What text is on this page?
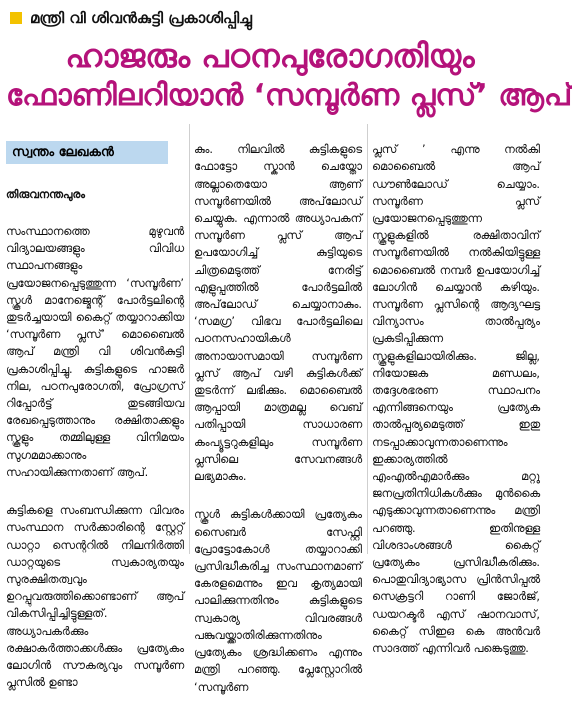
മന്ത്രി വി ശിവൻകുട്ടി പ്രകാശിപ്പിച്ചു
ഹാജരും പഠനപുരോഗതിയും
ഫോണിലറിയാൻ ‘സമ്പൂർണ പ്ലസ്’ ആപ്

സ്വന്തം ലേഖകൻ

തിരുവനന്തപുരം

സംസ്ഥാനത്തെ മുഴുവൻ വിദ്യാലയങ്ങളും വിവിധ സ്ഥാപനങ്ങളും പ്രയോജനപ്പെടുത്തുന്ന ‘സമ്പൂർണ’ സ്കൂൾ മാനേജ്മെന്റ് പോർട്ടലിന്റെ തുടർച്ചയായി കൈറ്റ് തയ്യാറാക്കിയ ‘സമ്പൂർണ പ്ലസ്’ മൊബൈൽ ആപ് മന്ത്രി വി ശിവൻകുട്ടി പ്രകാശിപ്പിച്ചു. കുട്ടികളുടെ ഹാജർ നില, പഠനപുരോഗതി, പ്രോഗ്രസ് റിപ്പോർട്ട് തുടങ്ങിയവ രേഖപ്പെടുത്താനും രക്ഷിതാക്കളും സ്കൂളും തമ്മിലുള്ള വിനിമയം സുഗമമാക്കാനും സഹായിക്കുന്നതാണ് ആപ്.

കുട്ടികളെ സംബന്ധിക്കുന്ന വിവരം സംസ്ഥാന സർക്കാരിന്റെ സ്റ്റേറ്റ് ഡാറ്റാ സെന്ററിൽ നിലനിർത്തി ഡാറ്റയുടെ സ്വകാര്യതയും സുരക്ഷിതത്വവും ഉറപ്പുവരുത്തിക്കൊണ്ടാണ് ആപ് വികസിപ്പിച്ചിട്ടുള്ളത്. അധ്യാപകർക്കും രക്ഷാകർത്താക്കൾക്കും പ്രത്യേകം ലോഗിൻ സൗകര്യവും സമ്പൂർണ പ്ലസിൽ ഉണ്ടാ

കും. നിലവിൽ കുട്ടികളുടെ ഫോട്ടോ സ്കാൻ ചെയ്തോ അല്ലാതെയോ ആണ് സമ്പൂർണയിൽ അപ്‌ലോഡ് ചെയ്യുക. എന്നാൽ അധ്യാപകന് സമ്പൂർണ പ്ലസ് ആപ് ഉപയോഗിച്ച് കുട്ടിയുടെ ചിത്രമെടുത്ത് നേരിട്ട് എളുപ്പത്തിൽ പോർട്ടലിൽ അപ്‌ലോഡ് ചെയ്യാനാകും. ‘സമഗ്ര’ വിഭവ പോർട്ടലിലെ പഠനസഹായികൾ അനായാസമായി സമ്പൂർണ പ്ലസ് ആപ് വഴി കുട്ടികൾക്ക് തുടർന്ന് ലഭിക്കും. മൊബൈൽ ആപ്പായി മാത്രമല്ല വെബ് പതിപ്പായി സാധാരണ കംപ്യൂട്ടറുകളിലും സമ്പൂർണ പ്ലസിലെ സേവനങ്ങൾ ലഭ്യമാകും.

സ്കൂൾ കുട്ടികൾക്കായി പ്രത്യേകം സൈബർ സേഫ്റ്റി പ്രോട്ടോകോൾ തയ്യാറാക്കി പ്രസിദ്ധീകരിച്ച സംസ്ഥാനമാണ് കേരളമെന്നും ഇവ കൃത്യമായി പാലിക്കുന്നതിനും കുട്ടികളുടെ സ്വകാര്യ വിവരങ്ങൾ പങ്കുവയ്ക്കാതിരിക്കുന്നതിനും പ്രത്യേകം ശ്രദ്ധിക്കണം എന്നും മന്ത്രി പറഞ്ഞു. പ്ലേസ്റ്റോറിൽ ‘സമ്പൂർണ

പ്ലസ് ’ എന്നു നൽകി മൊബൈൽ ആപ് ഡൗൺലോഡ് ചെയ്യാം. സമ്പൂർണ പ്ലസ് പ്രയോജനപ്പെടുത്തുന്ന സ്കൂളുകളിൽ രക്ഷിതാവിന് സമ്പൂർണയിൽ നൽകിയിട്ടുള്ള മൊബൈൽ നമ്പർ ഉപയോഗിച്ച് ലോഗിൻ ചെയ്യാൻ കഴിയും. സമ്പൂർണ പ്ലസിന്റെ ആദ്യഘട്ട വിന്യാസം താൽപ്പര്യം പ്രകടിപ്പിക്കുന്ന സ്കൂളുകളിലായിരിക്കും. ജില്ല, നിയോജക മണ്ഡലം, തദ്ദേശഭരണ സ്ഥാപനം എന്നിങ്ങനെയും പ്രത്യേക താൽപ്പര്യമെടുത്ത് ഇതു നടപ്പാക്കാവുന്നതാണെന്നും ഇക്കാര്യത്തിൽ എംഎൽഎമാർക്കും മറ്റു ജനപ്രതിനിധികൾക്കും മുൻകൈ എടുക്കാവുന്നതാണെന്നും മന്ത്രി പറഞ്ഞു. ഇതിനുള്ള വിശദാംശങ്ങൾ കൈറ്റ് പ്രത്യേകം പ്രസിദ്ധീകരിക്കും. പൊതുവിദ്യാഭ്യാസ പ്രിൻസിപ്പൽ സെക്രട്ടറി റാണി ജോർജ്, ഡയറക്ടർ എസ് ഷാനവാസ്, കൈറ്റ് സിഇഒ കെ അൻവർ സാദത്ത് എന്നിവർ പങ്കെടുത്തു.
